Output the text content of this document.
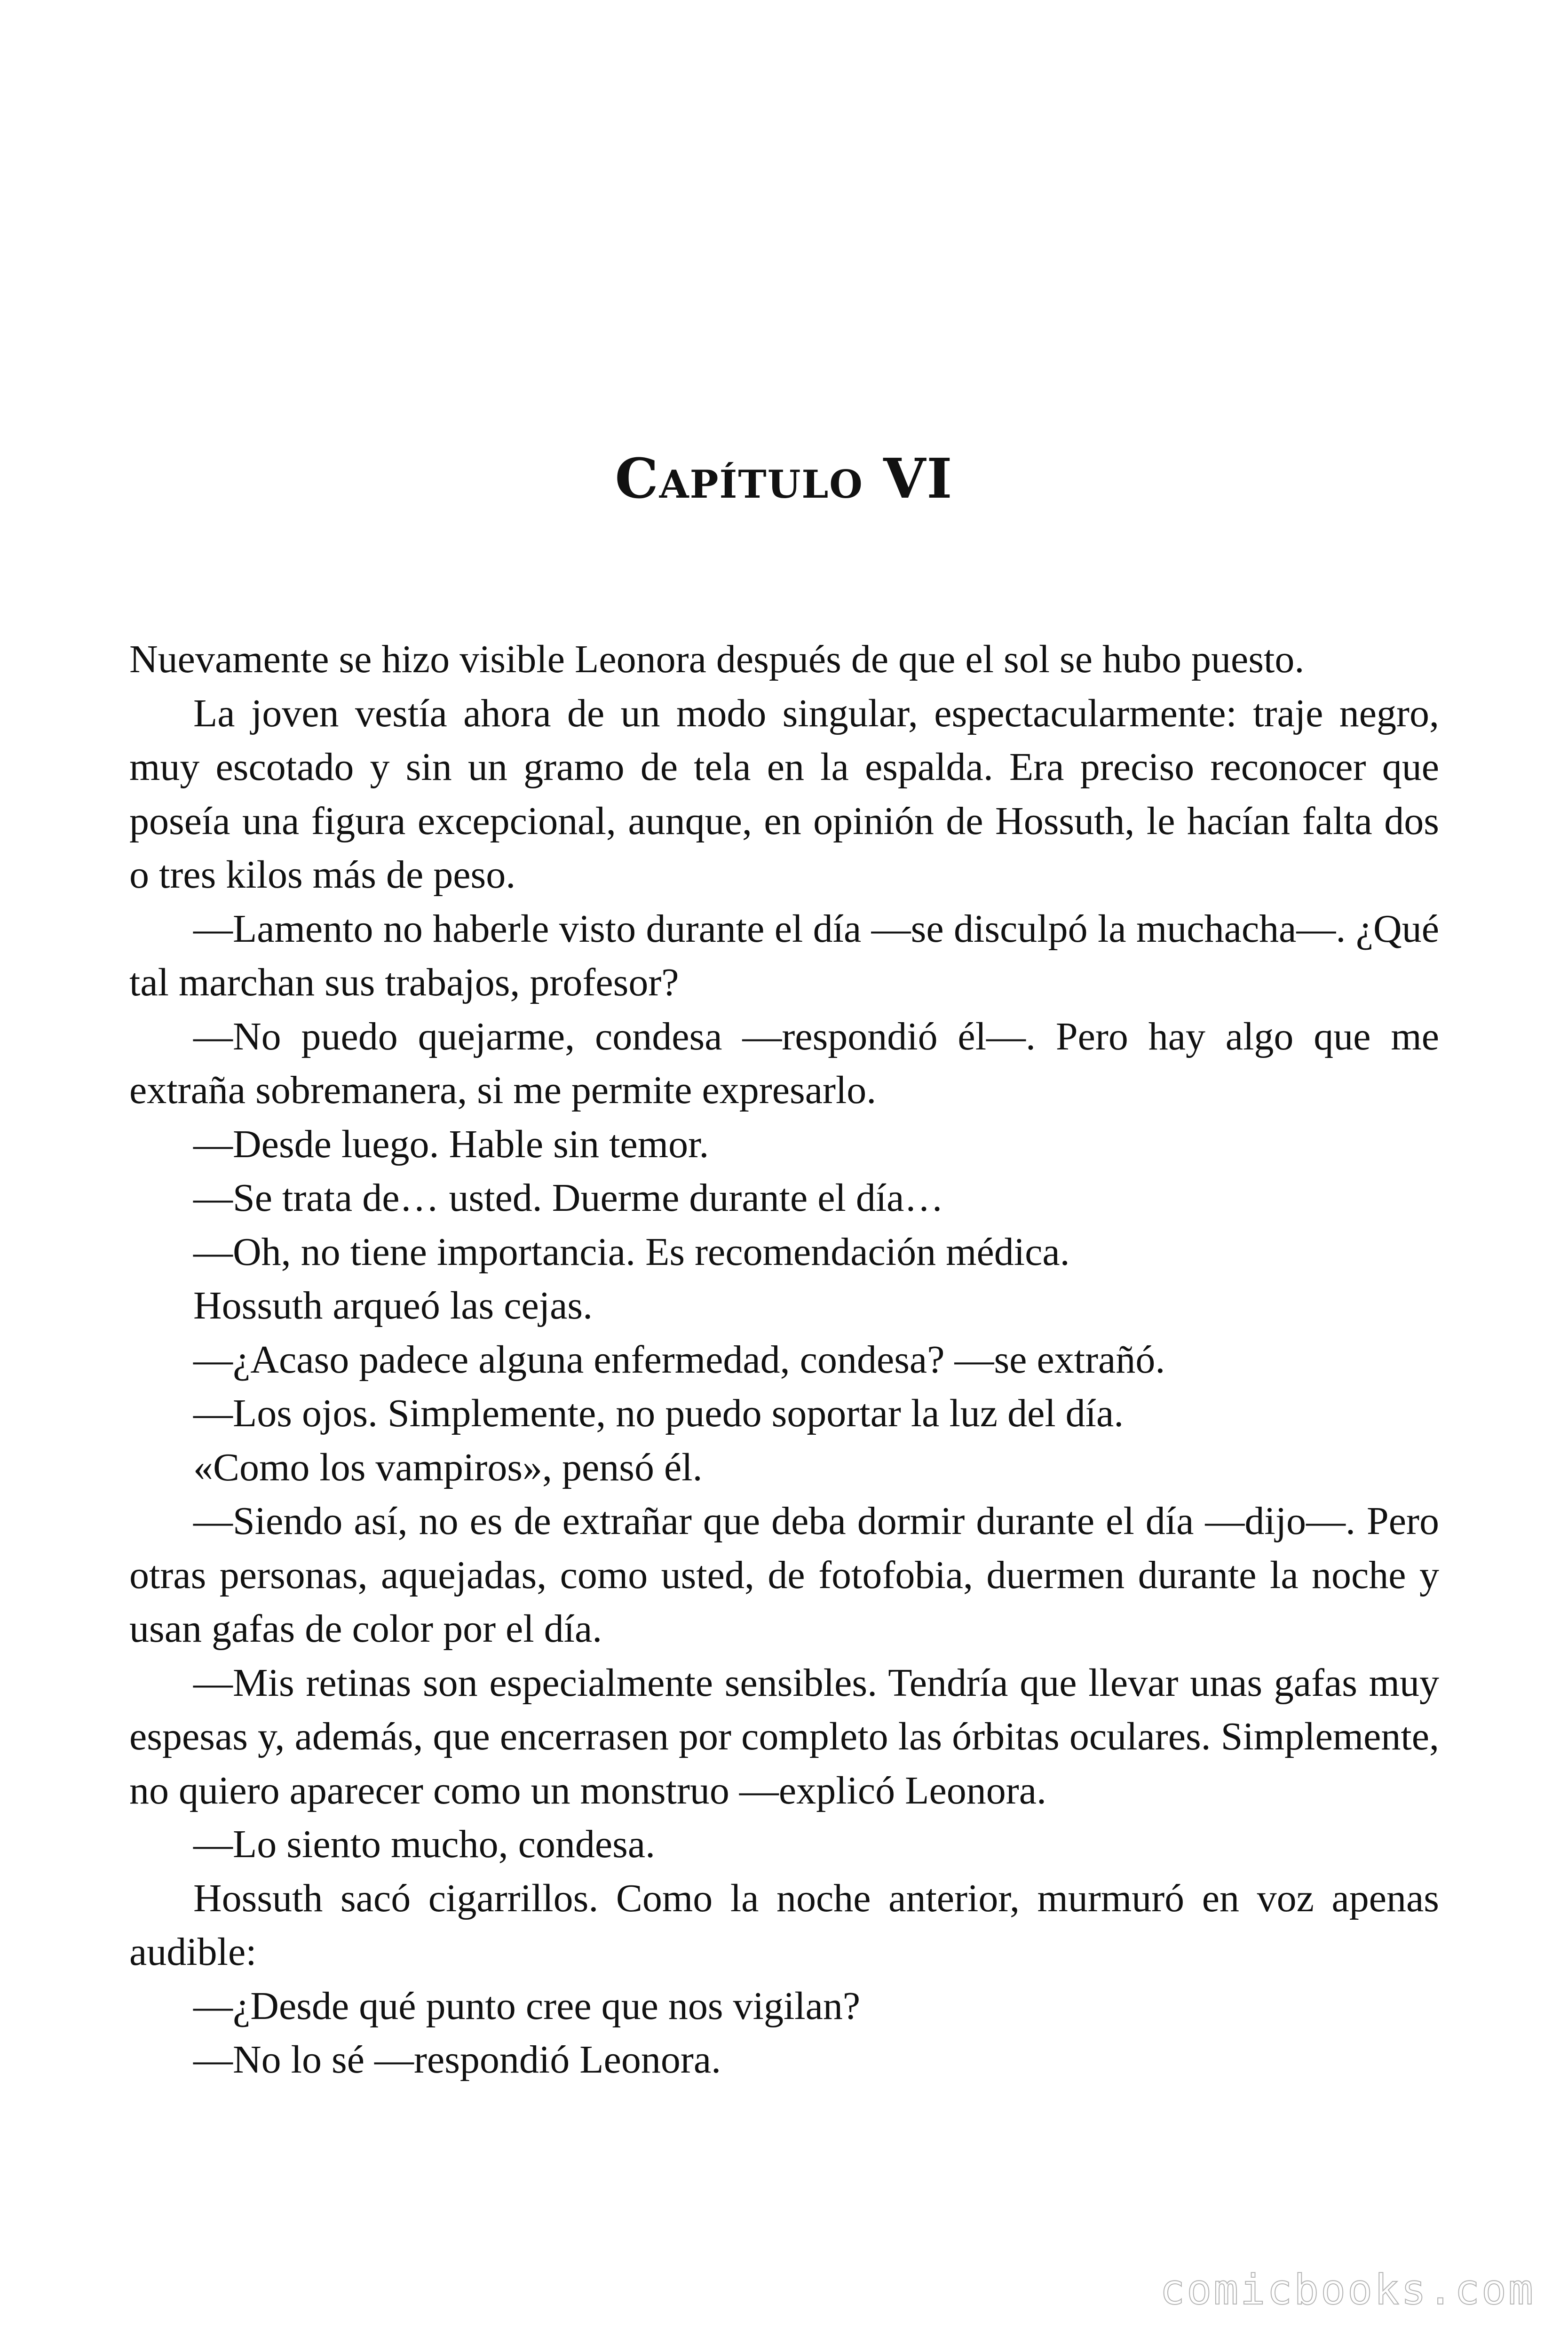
Capítulo VI

Nuevamente se hizo visible Leonora después de que el sol se hubo puesto.

La joven vestía ahora de un modo singular, espectacularmente: traje negro, muy escotado y sin un gramo de tela en la espalda. Era preciso reconocer que poseía una figura excepcional, aunque, en opinión de Hossuth, le hacían falta dos o tres kilos más de peso.

—Lamento no haberle visto durante el día —se disculpó la muchacha—. ¿Qué tal marchan sus trabajos, profesor?

—No puedo quejarme, condesa —respondió él—. Pero hay algo que me extraña sobremanera, si me permite expresarlo.

—Desde luego. Hable sin temor.

—Se trata de… usted. Duerme durante el día…

—Oh, no tiene importancia. Es recomendación médica.

Hossuth arqueó las cejas.

—¿Acaso padece alguna enfermedad, condesa? —se extrañó.

—Los ojos. Simplemente, no puedo soportar la luz del día.

«Como los vampiros», pensó él.

—Siendo así, no es de extrañar que deba dormir durante el día —dijo—. Pero otras personas, aquejadas, como usted, de fotofobia, duermen durante la noche y usan gafas de color por el día.

—Mis retinas son especialmente sensibles. Tendría que llevar unas gafas muy espesas y, además, que encerrasen por completo las órbitas oculares. Simplemente, no quiero aparecer como un monstruo —explicó Leonora.

—Lo siento mucho, condesa.

Hossuth sacó cigarrillos. Como la noche anterior, murmuró en voz apenas audible:

—¿Desde qué punto cree que nos vigilan?

—No lo sé —respondió Leonora.

comicbooks.com
